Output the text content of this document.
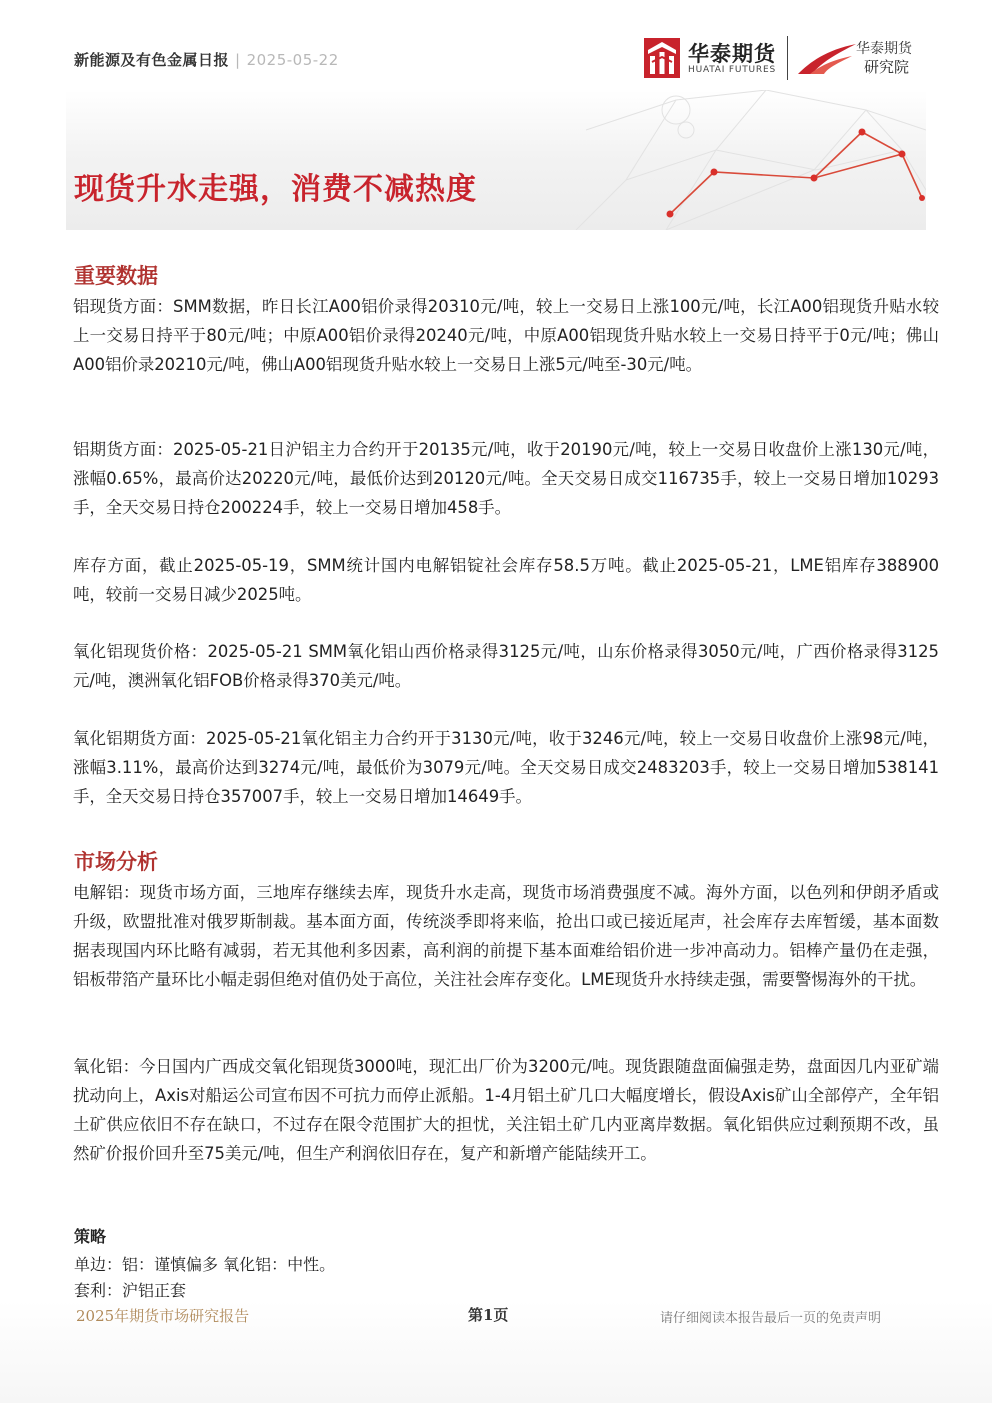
新能源及有色金属日报 | 2025-05-22	华泰期货
HUATAI FUTURES
华泰期货
研究院
现货升水走强，消费不减热度
重要数据

铝现货方面：SMM数据，昨日长江A00铝价录得20310元/吨，较上一交易日上涨100元/吨，长江A00铝现货升贴水较上一交易日持平于80元/吨；中原A00铝价录得20240元/吨，中原A00铝现货升贴水较上一交易日持平于0元/吨；佛山A00铝价录20210元/吨，佛山A00铝现货升贴水较上一交易日上涨5元/吨至-30元/吨。

铝期货方面：2025-05-21日沪铝主力合约开于20135元/吨，收于20190元/吨，较上一交易日收盘价上涨130元/吨，涨幅0.65%，最高价达20220元/吨，最低价达到20120元/吨。全天交易日成交116735手，较上一交易日增加10293手，全天交易日持仓200224手，较上一交易日增加458手。

库存方面，截止2025-05-19，SMM统计国内电解铝锭社会库存58.5万吨。截止2025-05-21，LME铝库存388900吨，较前一交易日减少2025吨。

氧化铝现货价格：2025-05-21 SMM氧化铝山西价格录得3125元/吨，山东价格录得3050元/吨，广西价格录得3125元/吨，澳洲氧化铝FOB价格录得370美元/吨。

氧化铝期货方面：2025-05-21氧化铝主力合约开于3130元/吨，收于3246元/吨，较上一交易日收盘价上涨98元/吨，涨幅3.11%，最高价达到3274元/吨，最低价为3079元/吨。全天交易日成交2483203手，较上一交易日增加538141手，全天交易日持仓357007手，较上一交易日增加14649手。

市场分析

电解铝：现货市场方面，三地库存继续去库，现货升水走高，现货市场消费强度不减。海外方面，以色列和伊朗矛盾或升级，欧盟批准对俄罗斯制裁。基本面方面，传统淡季即将来临，抢出口或已接近尾声，社会库存去库暂缓，基本面数据表现国内环比略有减弱，若无其他利多因素，高利润的前提下基本面难给铝价进一步冲高动力。铝棒产量仍在走强，铝板带箔产量环比小幅走弱但绝对值仍处于高位，关注社会库存变化。LME现货升水持续走强，需要警惕海外的干扰。

氧化铝：今日国内广西成交氧化铝现货3000吨，现汇出厂价为3200元/吨。现货跟随盘面偏强走势，盘面因几内亚矿端扰动向上，Axis对船运公司宣布因不可抗力而停止派船。1-4月铝土矿几口大幅度增长，假设Axis矿山全部停产，全年铝土矿供应依旧不存在缺口，不过存在限令范围扩大的担忧，关注铝土矿几内亚离岸数据。氧化铝供应过剩预期不改，虽然矿价报价回升至75美元/吨，但生产利润依旧存在，复产和新增产能陆续开工。

策略
单边：铝：谨慎偏多 氧化铝：中性。
套利：沪铝正套
2025年期货市场研究报告	第1页	请仔细阅读本报告最后一页的免责声明
